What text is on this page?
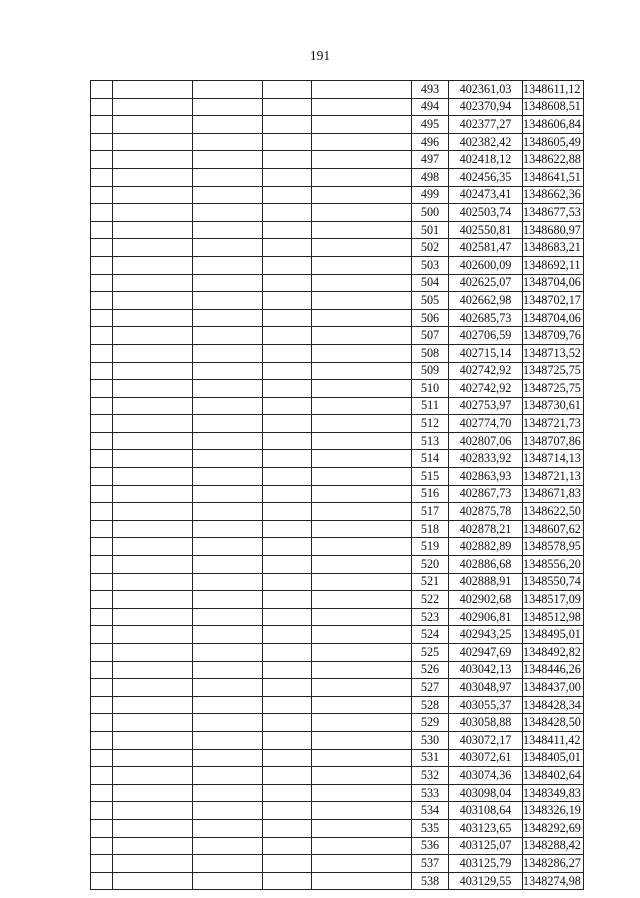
191
					493	402361,03	1348611,12
					494	402370,94	1348608,51
					495	402377,27	1348606,84
					496	402382,42	1348605,49
					497	402418,12	1348622,88
					498	402456,35	1348641,51
					499	402473,41	1348662,36
					500	402503,74	1348677,53
					501	402550,81	1348680,97
					502	402581,47	1348683,21
					503	402600,09	1348692,11
					504	402625,07	1348704,06
					505	402662,98	1348702,17
					506	402685,73	1348704,06
					507	402706,59	1348709,76
					508	402715,14	1348713,52
					509	402742,92	1348725,75
					510	402742,92	1348725,75
					511	402753,97	1348730,61
					512	402774,70	1348721,73
					513	402807,06	1348707,86
					514	402833,92	1348714,13
					515	402863,93	1348721,13
					516	402867,73	1348671,83
					517	402875,78	1348622,50
					518	402878,21	1348607,62
					519	402882,89	1348578,95
					520	402886,68	1348556,20
					521	402888,91	1348550,74
					522	402902,68	1348517,09
					523	402906,81	1348512,98
					524	402943,25	1348495,01
					525	402947,69	1348492,82
					526	403042,13	1348446,26
					527	403048,97	1348437,00
					528	403055,37	1348428,34
					529	403058,88	1348428,50
					530	403072,17	1348411,42
					531	403072,61	1348405,01
					532	403074,36	1348402,64
					533	403098,04	1348349,83
					534	403108,64	1348326,19
					535	403123,65	1348292,69
					536	403125,07	1348288,42
					537	403125,79	1348286,27
					538	403129,55	1348274,98
